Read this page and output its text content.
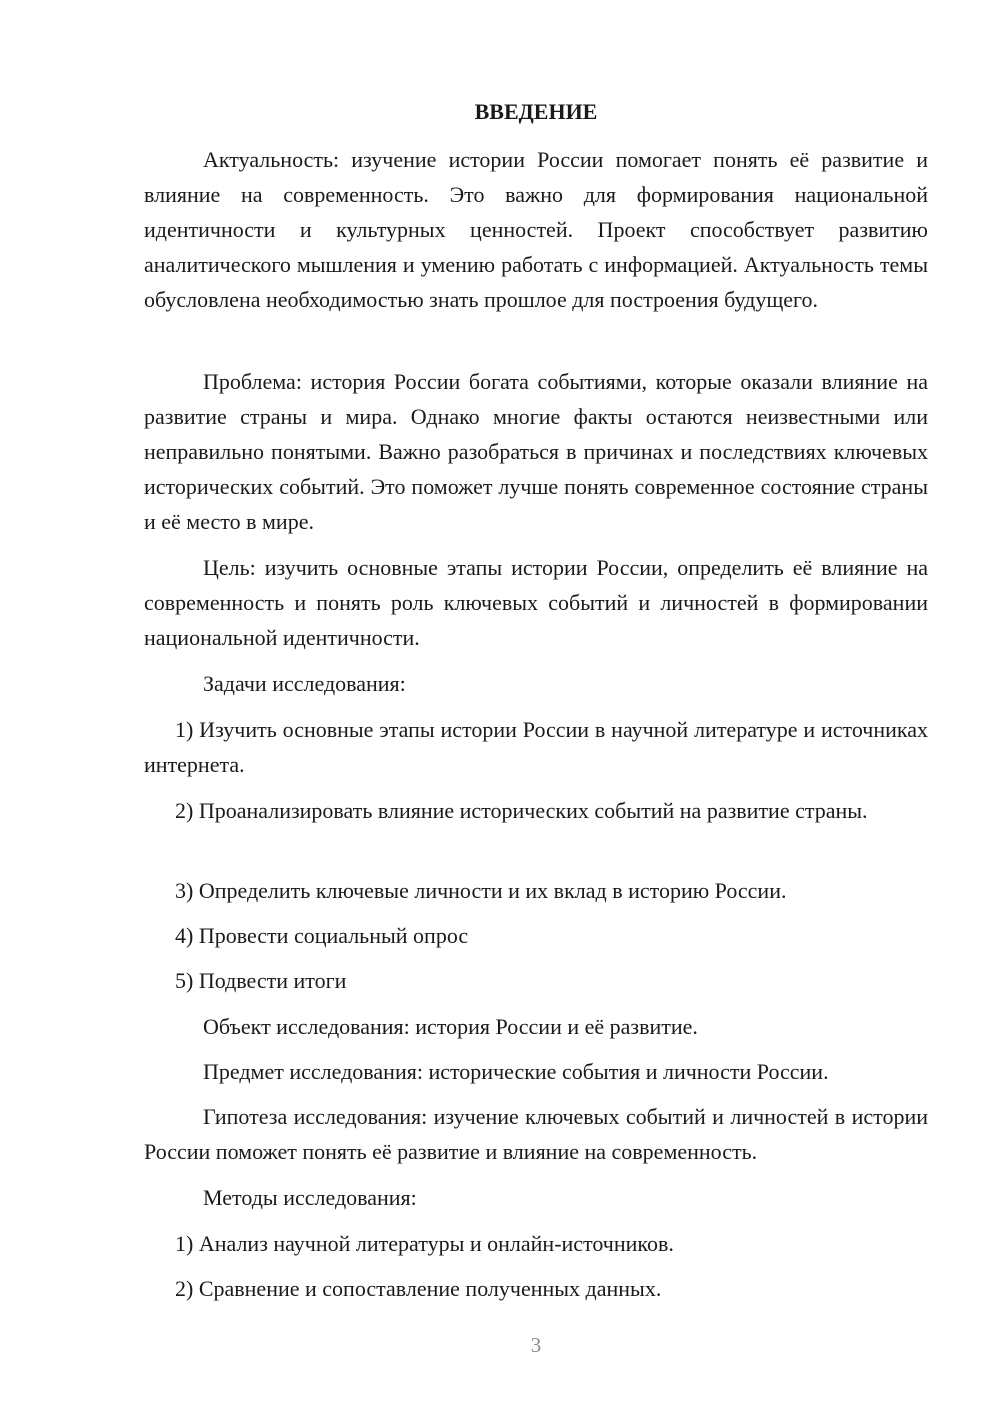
ВВЕДЕНИЕ

Актуальность: изучение истории России помогает понять её развитие и влияние на современность. Это важно для формирования национальной идентичности и культурных ценностей. Проект способствует развитию аналитического мышления и умению работать с информацией. Актуальность темы обусловлена необходимостью знать прошлое для построения будущего.

Проблема: история России богата событиями, которые оказали влияние на развитие страны и мира. Однако многие факты остаются неизвестными или неправильно понятыми. Важно разобраться в причинах и последствиях ключевых исторических событий. Это поможет лучше понять современное состояние страны и её место в мире.

Цель: изучить основные этапы истории России, определить её влияние на современность и понять роль ключевых событий и личностей в формировании национальной идентичности.

Задачи исследования:

1) Изучить основные этапы истории России в научной литературе и источниках интернета.

2) Проанализировать влияние исторических событий на развитие страны.

3) Определить ключевые личности и их вклад в историю России.

4) Провести социальный опрос

5) Подвести итоги

Объект исследования: история России и её развитие.

Предмет исследования: исторические события и личности России.

Гипотеза исследования: изучение ключевых событий и личностей в истории России поможет понять её развитие и влияние на современность.

Методы исследования:

1) Анализ научной литературы и онлайн-источников.

2) Сравнение и сопоставление полученных данных.

3
